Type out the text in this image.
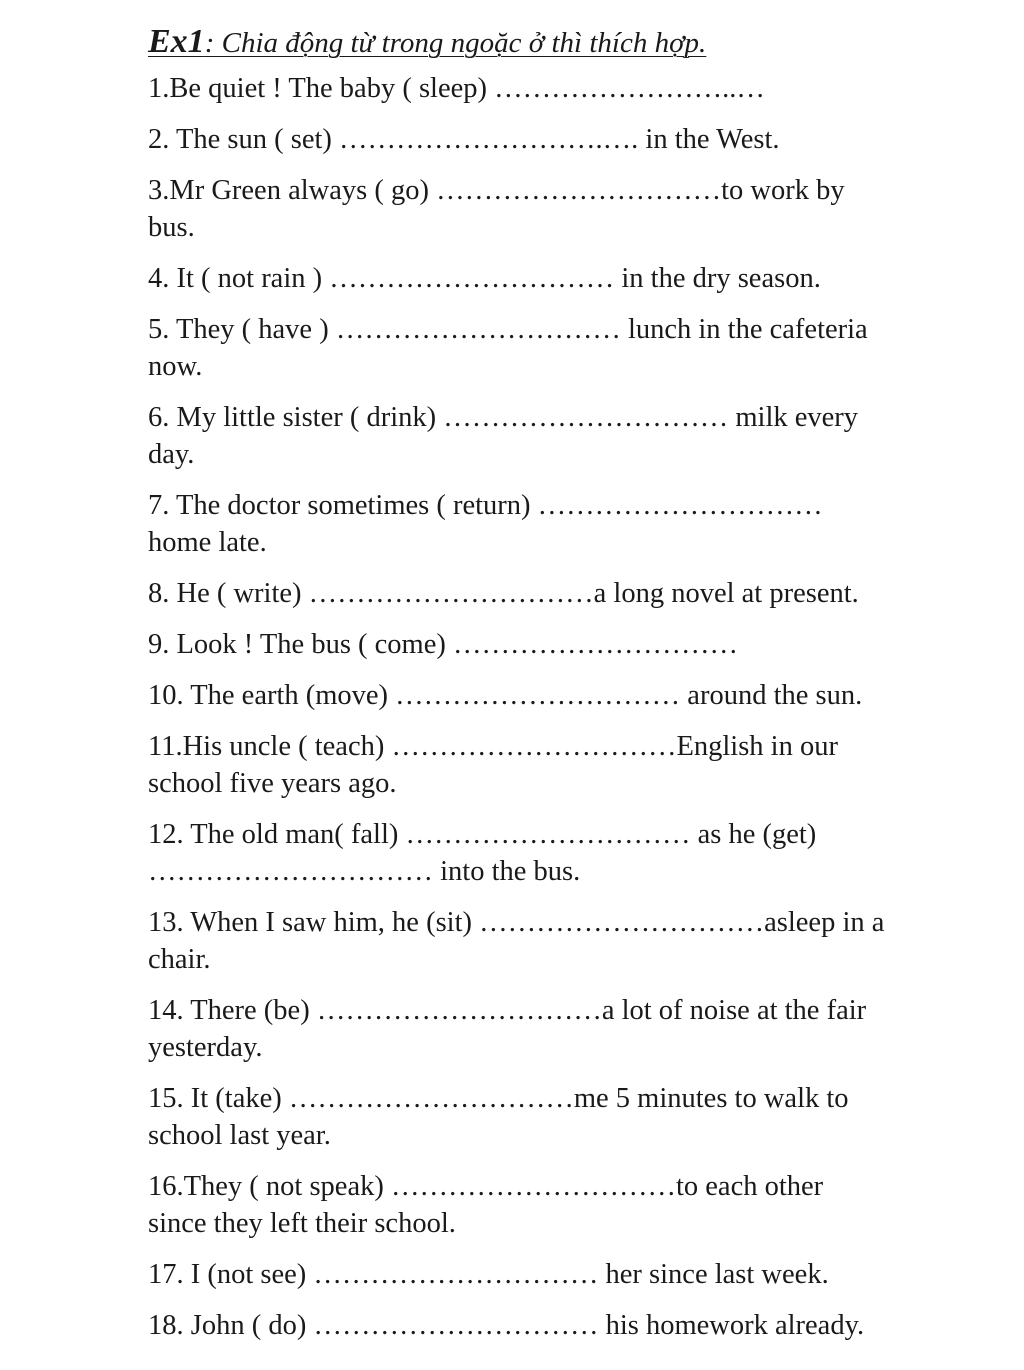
Ex1: Chia động từ trong ngoặc ở thì thích hợp.
1.Be quiet ! The baby ( sleep) ……………………..…
2. The sun ( set) ……………………….…. in the West.
3.Mr Green always ( go) …………………………to work by
bus.
4. It ( not rain ) ………………………… in the dry season.
5. They ( have ) ………………………… lunch in the cafeteria
now.
6. My little sister ( drink) ………………………… milk every
day.
7. The doctor sometimes ( return) …………………………
home late.
8. He ( write) …………………………a long novel at present.
9. Look ! The bus ( come) …………………………
10. The earth (move) ………………………… around the sun.
11.His uncle ( teach) …………………………English in our
school five years ago.
12. The old man( fall) ………………………… as he (get)
………………………… into the bus.
13. When I saw him, he (sit) …………………………asleep in a
chair.
14. There (be) …………………………a lot of noise at the fair
yesterday.
15. It (take) …………………………me 5 minutes to walk to
school last year.
16.They ( not speak) …………………………to each other
since they left their school.
17. I (not see) ………………………… her since last week.
18. John ( do) ………………………… his homework already.
